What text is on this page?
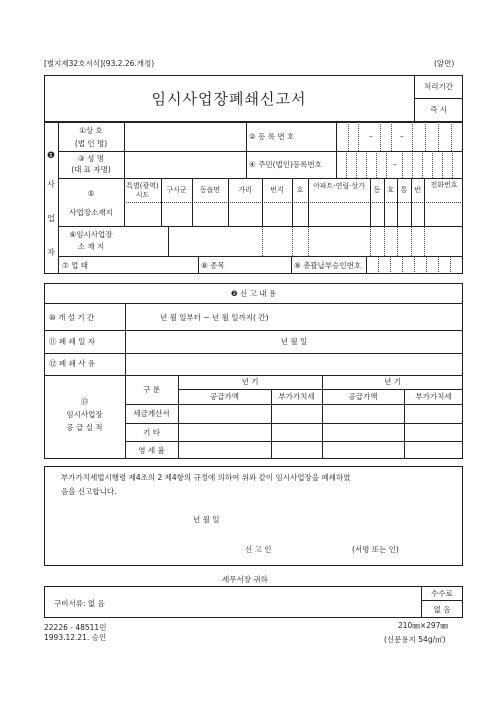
[별지제32호서식](93.2.26.개정)	(앞면)
임시사업장폐쇄신고서
처리기간
즉 시
❶
사
업
자
①상 호
(법 인 명)
② 등 록 번 호	–	–
③ 성 명
(대 표 자명)
④ 주민(법인)등록번호	–
⑤
사업장소재지
특별(광역)시도
구시군	동읍면	가리	번지	호	아파트·연립·상가	동 호 통 반
전화번호
⑥임시사업장
소 재 지
⑦ 업 태	⑧ 종목	⑨ 총괄납부승인번호
❷ 신 고 내 용
⑩ 개 설 기 간	년 월 일부터 ~ 년 월 일까지( 간)
⑪ 폐 쇄 일 자	년 월 일
⑫ 폐 쇄 사 유
⑬
임시사업장
공 급 실 적
구 분
년 기	년 기
공급가액	부가가치세	공급가액	부가가치세
세금계산서
기 타
영 세 율
부가가치세법시행령 제4조의 2 제4항의 규정에 의하여 위와 같이 임시사업장을 폐쇄하였
음을 신고합니다.
년 월 일
신 고 인	(서명 또는 인)
세무서장 귀하
구비서류: 없 음
수수료
없 음
22226 - 48511민
1993.12.21. 승인
210㎜×297㎜
(신문용지 54g/㎡)
